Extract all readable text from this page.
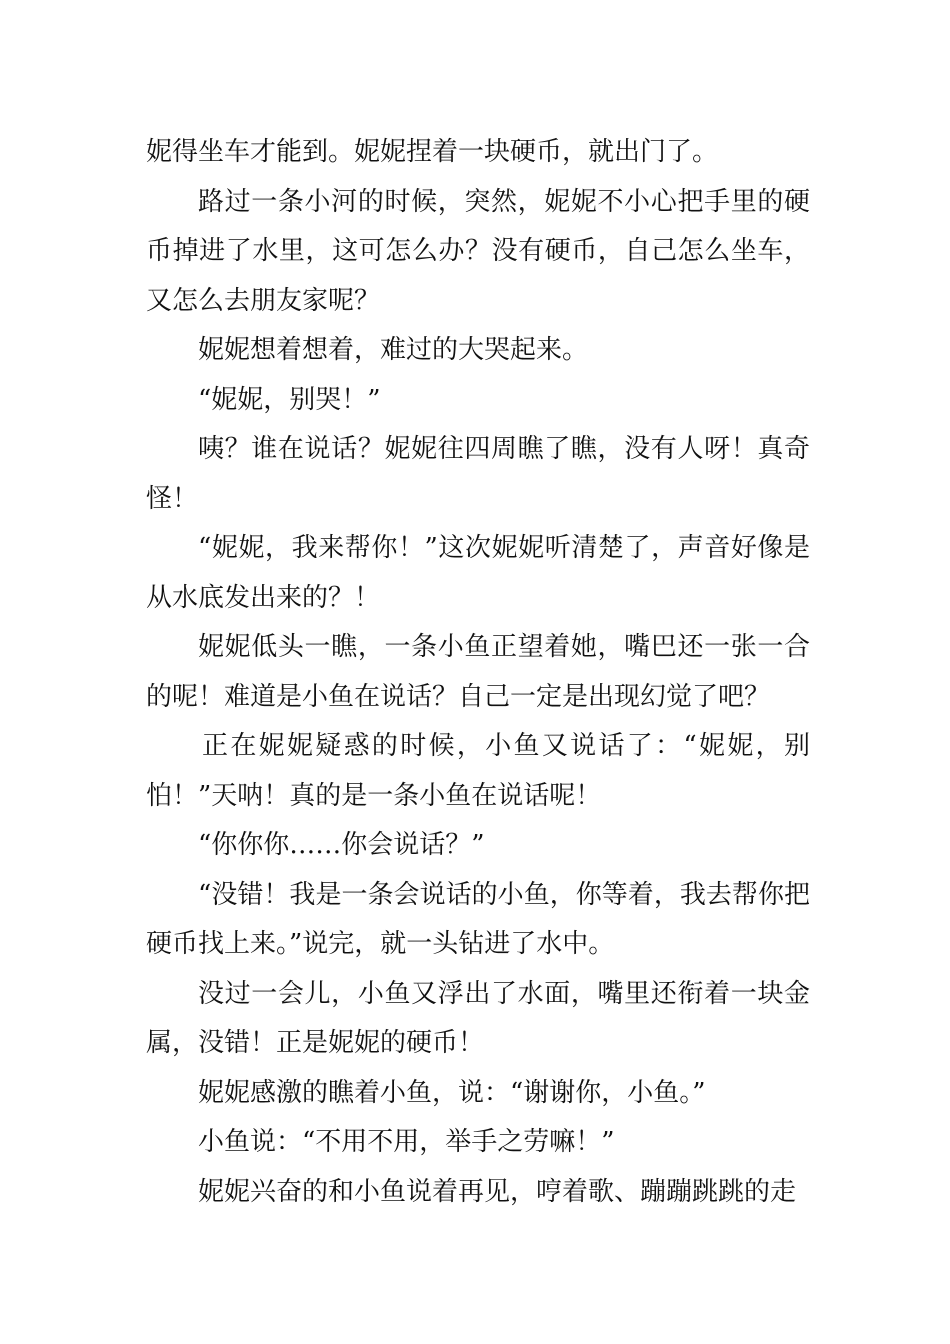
妮得坐车才能到。妮妮捏着一块硬币，就出门了。

路过一条小河的时候，突然，妮妮不小心把手里的硬币掉进了水里，这可怎么办？没有硬币，自己怎么坐车，又怎么去朋友家呢？

妮妮想着想着，难过的大哭起来。

“妮妮，别哭！”

咦？谁在说话？妮妮往四周瞧了瞧，没有人呀！真奇怪！

“妮妮，我来帮你！”这次妮妮听清楚了，声音好像是从水底发出来的？！

妮妮低头一瞧，一条小鱼正望着她，嘴巴还一张一合的呢！难道是小鱼在说话？自己一定是出现幻觉了吧？

正在妮妮疑惑的时候，小鱼又说话了：“妮妮，别怕！”天呐！真的是一条小鱼在说话呢！

“你你你……你会说话？”

“没错！我是一条会说话的小鱼，你等着，我去帮你把硬币找上来。”说完，就一头钻进了水中。

没过一会儿，小鱼又浮出了水面，嘴里还衔着一块金属，没错！正是妮妮的硬币！

妮妮感激的瞧着小鱼，说：“谢谢你，小鱼。”

小鱼说：“不用不用，举手之劳嘛！”

妮妮兴奋的和小鱼说着再见，哼着歌、蹦蹦跳跳的走
